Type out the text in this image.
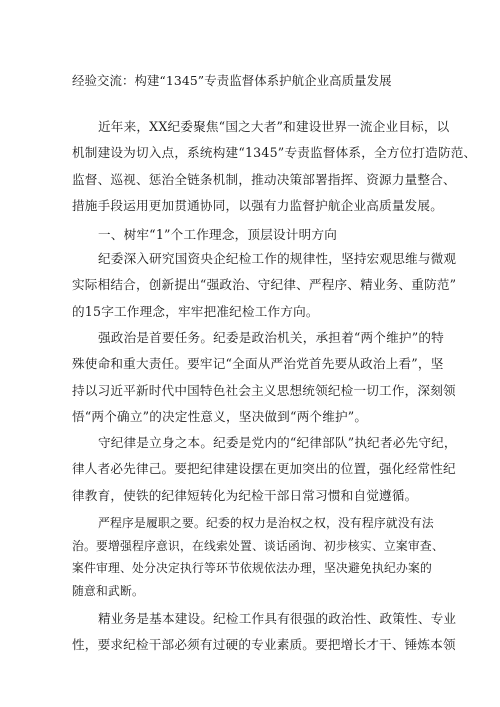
经验交流：构建“1345”专责监督体系护航企业高质量发展
近年来，XX纪委聚焦“国之大者”和建设世界一流企业目标，以
机制建设为切入点，系统构建“1345”专责监督体系，全方位打造防范、
监督、巡视、惩治全链条机制，推动决策部署指挥、资源力量整合、
措施手段运用更加贯通协同，以强有力监督护航企业高质量发展。
一、树牢“1”个工作理念，顶层设计明方向
纪委深入研究国资央企纪检工作的规律性，坚持宏观思维与微观
实际相结合，创新提出“强政治、守纪律、严程序、精业务、重防范”
的15字工作理念，牢牢把准纪检工作方向。
强政治是首要任务。纪委是政治机关，承担着“两个维护”的特
殊使命和重大责任。要牢记“全面从严治党首先要从政治上看”，坚
持以习近平新时代中国特色社会主义思想统领纪检一切工作，深刻领
悟“两个确立”的决定性意义，坚决做到“两个维护”。
守纪律是立身之本。纪委是党内的“纪律部队”执纪者必先守纪，
律人者必先律己。要把纪律建设摆在更加突出的位置，强化经常性纪
律教育，使铁的纪律短转化为纪检干部日常习惯和自觉遵循。
严程序是履职之要。纪委的权力是治权之权，没有程序就没有法
治。要增强程序意识，在线索处置、谈话函询、初步核实、立案审查、
案件审理、处分决定执行等环节依规依法办理，坚决避免执纪办案的
随意和武断。
精业务是基本建设。纪检工作具有很强的政治性、政策性、专业
性，要求纪检干部必须有过硬的专业素质。要把增长才干、锤炼本领
